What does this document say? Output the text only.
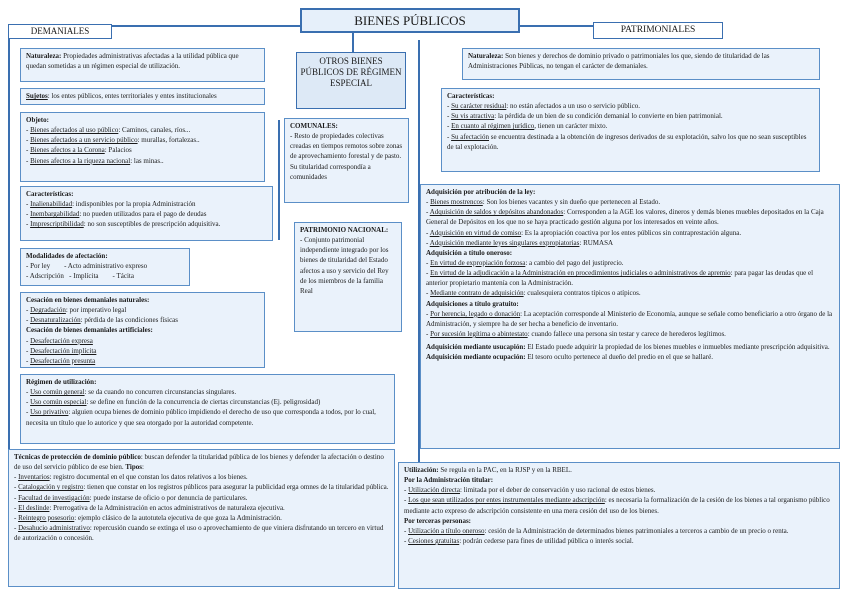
BIENES PÚBLICOS
DEMANIALES	PATRIMONIALES

Naturaleza: Propiedades administrativas afectadas a la utilidad pública que quedan sometidas a un régimen especial de utilización.

Sujetos: los entes públicos, entes territoriales y entes institucionales

Objeto:

- Bienes afectados al uso público: Caminos, canales, ríos...

- Bienes afectados a un servicio público: murallas, fortalezas..

- Bienes afectos a la Corona: Palacios

- Bienes afectos a la riqueza nacional: las minas..

Características:

- Inalienabilidad: indisponibles por la propia Administración

- Inembargabilidad: no pueden utilizados para el pago de deudas

- Imprescriptibilidad: no son susceptibles de prescripción adquisitiva.

Modalidades de afectación:

- Por ley - Acto administrativo expreso

- Adscripción - Implícita - Tácita

Cesación en bienes demaniales naturales:

- Degradación: por imperativo legal

- Desnaturalización: pérdida de las condiciones físicas

Cesación de bienes demaniales artificiales:

- Desafectación expresa

- Desafectación implícita

- Desafectación presunta

Régimen de utilización:

- Uso común general: se da cuando no concurren circunstancias singulares.

- Uso común especial: se define en función de la concurrencia de ciertas circunstancias (Ej. peligrosidad)

- Uso privativo: alguien ocupa bienes de dominio público impidiendo el derecho de uso que corresponda a todos, por lo cual, necesita un título que lo autorice y que sea otorgado por la autoridad competente.

Técnicas de protección de dominio público: buscan defender la titularidad pública de los bienes y defender la afectación o destino de uso del servicio público de ese bien. Tipos:

- Inventarios: registro documental en el que constan los datos relativos a los bienes.

- Catalogación y registro: tienen que constar en los registros públicos para asegurar la publicidad erga omnes de la titularidad pública.

- Facultad de investigación: puede instarse de oficio o por denuncia de particulares.

- El deslinde: Prerrogativa de la Administración en actos administrativos de naturaleza ejecutiva.

- Reintegro posesorio: ejemplo clásico de la autotutela ejecutiva de que goza la Administración.

- Desahucio administrativo: repercusión cuando se extinga el uso o aprovechamiento de que viniera disfrutando un tercero en virtud de autorización o concesión.

OTROS BIENES PÚBLICOS DE RÉGIMEN ESPECIAL

COMUNALES:

- Resto de propiedades colectivas creadas en tiempos remotos sobre zonas de aprovechamiento forestal y de pasto. Su titularidad correspondía a comunidades

PATRIMONIO NACIONAL:

- Conjunto patrimonial independiente integrado por los bienes de titularidad del Estado afectos a uso y servicio del Rey de los miembros de la familia Real

Naturaleza: Son bienes y derechos de dominio privado o patrimoniales los que, siendo de titularidad de las Administraciones Públicas, no tengan el carácter de demaniales.

Características:

- Su carácter residual: no están afectados a un uso o servicio público.

- Su vis atractiva: la pérdida de un bien de su condición demanial lo convierte en bien patrimonial.

- En cuanto al régimen jurídico, tienen un carácter mixto.

- Su afectación se encuentra destinada a la obtención de ingresos derivados de su explotación, salvo los que no sean susceptibles de tal explotación.

Adquisición por atribución de la ley:

- Bienes mostrencos: Son los bienes vacantes y sin dueño que pertenecen al Estado.

- Adquisición de saldos y depósitos abandonados: Corresponden a la AGE los valores, dineros y demás bienes muebles depositados en la Caja General de Depósitos en los que no se haya practicado gestión alguna por los interesados en veinte años.

- Adquisición en virtud de comiso: Es la apropiación coactiva por los entes públicos sin contraprestación alguna.

- Adquisición mediante leyes singulares expropiatorias: RUMASA

Adquisición a título oneroso:

- En virtud de expropiación forzosa: a cambio del pago del justiprecio.

- En virtud de la adjudicación a la Administración en procedimientos judiciales o administrativos de apremio: para pagar las deudas que el anterior propietario mantenía con la Administración.

- Mediante contrato de adquisición: cualesquiera contratos típicos o atípicos.

Adquisiciones a título gratuito:

- Por herencia, legado o donación: La aceptación corresponde al Ministerio de Economía, aunque se señale como beneficiario a otro órgano de la Administración, y siempre ha de ser hecha a beneficio de inventario.

- Por sucesión legítima o abintestato: cuando fallece una persona sin testar y carece de herederos legítimos.

Adquisición mediante usucapión: El Estado puede adquirir la propiedad de los bienes muebles e inmuebles mediante prescripción adquisitiva.

Adquisición mediante ocupación: El tesoro oculto pertenece al dueño del predio en el que se hallaré.

Utilización: Se regula en la PAC, en la RJSP y en la RBEL.

Por la Administración titular:

- Utilización directa: limitada por el deber de conservación y uso racional de estos bienes.

- Los que sean utilizados por entes instrumentales mediante adscripción: es necesaria la formalización de la cesión de los bienes a tal organismo público mediante acto expreso de adscripción consistente en una mera cesión del uso de los bienes.

Por terceras personas:

- Utilización a título oneroso: cesión de la Administración de determinados bienes patrimoniales a terceros a cambio de un precio o renta.

- Cesiones gratuitas: podrán cederse para fines de utilidad pública o interés social.
